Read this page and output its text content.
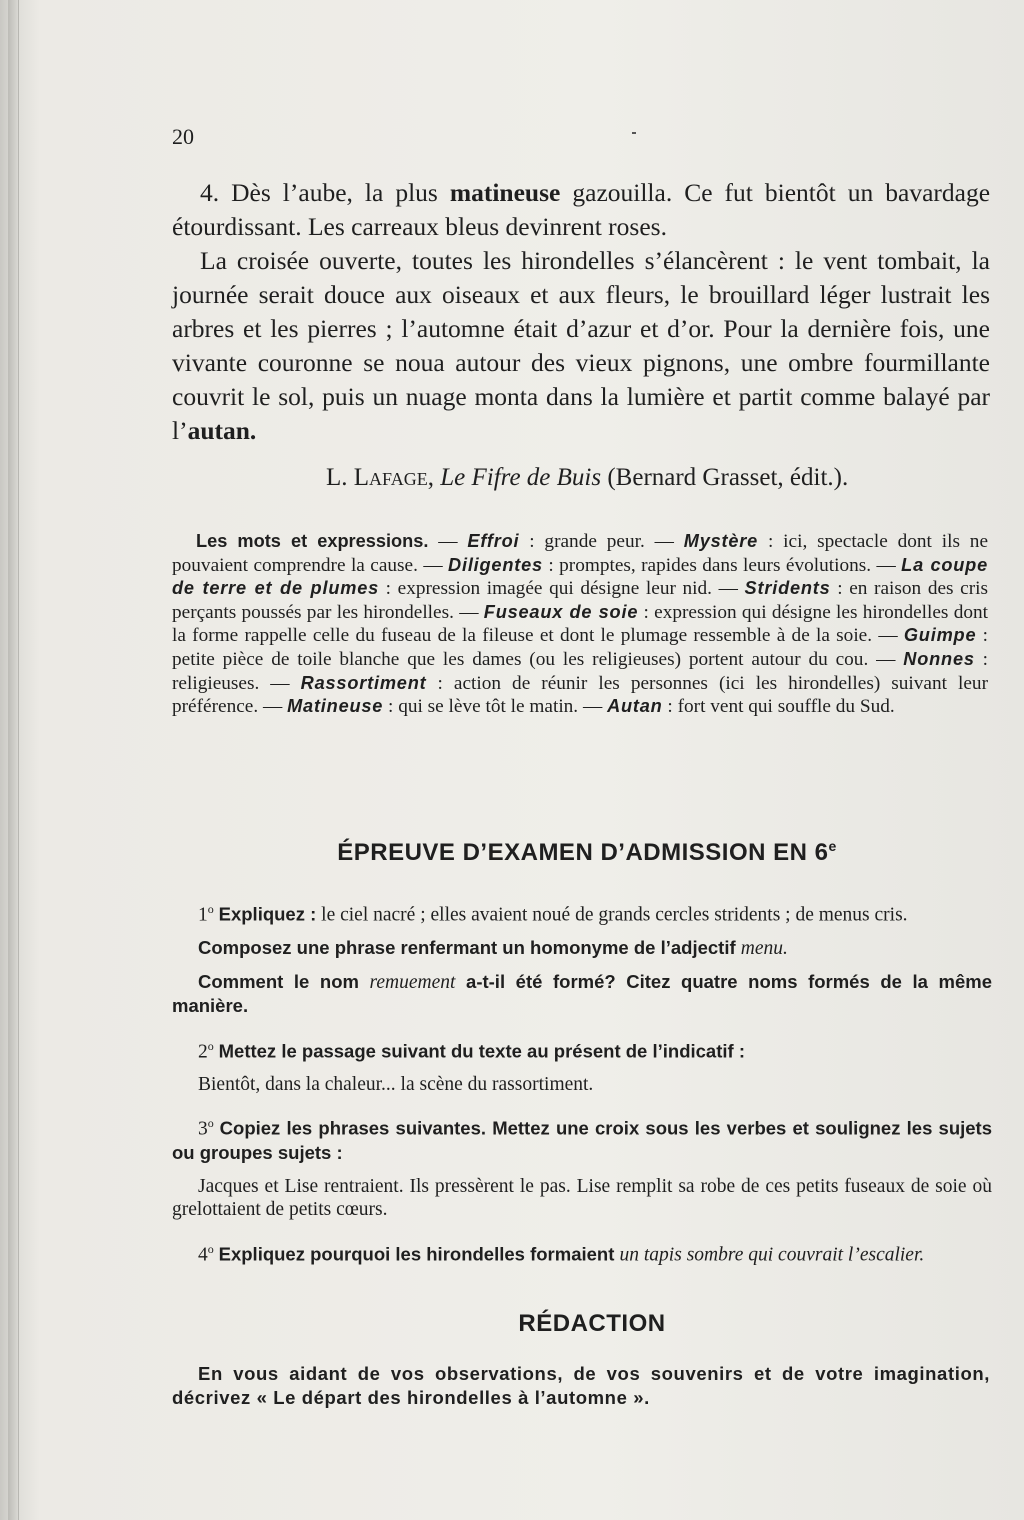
20

4. Dès l’aube, la plus matineuse gazouilla. Ce fut bientôt un bavardage étourdissant. Les carreaux bleus devinrent roses.

La croisée ouverte, toutes les hirondelles s’élancèrent : le vent tombait, la journée serait douce aux oiseaux et aux fleurs, le brouillard léger lustrait les arbres et les pierres ; l’automne était d’azur et d’or. Pour la dernière fois, une vivante couronne se noua autour des vieux pignons, une ombre fourmillante couvrit le sol, puis un nuage monta dans la lumière et partit comme balayé par l’autan.

L. Lafage, Le Fifre de Buis (Bernard Grasset, édit.).
Les mots et expressions. — Effroi : grande peur. — Mystère : ici, spectacle dont ils ne pouvaient comprendre la cause. — Diligentes : promptes, rapides dans leurs évolutions. — La coupe de terre et de plumes : expression imagée qui désigne leur nid. — Stridents : en raison des cris perçants poussés par les hirondelles. — Fuseaux de soie : expression qui désigne les hirondelles dont la forme rappelle celle du fuseau de la fileuse et dont le plumage ressemble à de la soie. — Guimpe : petite pièce de toile blanche que les dames (ou les religieuses) portent autour du cou. — Nonnes : religieuses. — Rassortiment : action de réunir les personnes (ici les hirondelles) suivant leur préférence. — Matineuse : qui se lève tôt le matin. — Autan : fort vent qui souffle du Sud.
ÉPREUVE D’EXAMEN D’ADMISSION EN 6e

1$^o$ Expliquez : le ciel nacré ; elles avaient noué de grands cercles stridents ; de menus cris.

Composez une phrase renfermant un homonyme de l’adjectif menu.

Comment le nom remuement a-t-il été formé? Citez quatre noms formés de la même manière.

2$^o$ Mettez le passage suivant du texte au présent de l’indicatif :

Bientôt, dans la chaleur... la scène du rassortiment.

3$^o$ Copiez les phrases suivantes. Mettez une croix sous les verbes et soulignez les sujets ou groupes sujets :

Jacques et Lise rentraient. Ils pressèrent le pas. Lise remplit sa robe de ces petits fuseaux de soie où grelottaient de petits cœurs.

4$^o$ Expliquez pourquoi les hirondelles formaient un tapis sombre qui couvrait l’escalier.

RÉDACTION
En vous aidant de vos observations, de vos souvenirs et de votre imagination, décrivez « Le départ des hirondelles à l’automne ».
